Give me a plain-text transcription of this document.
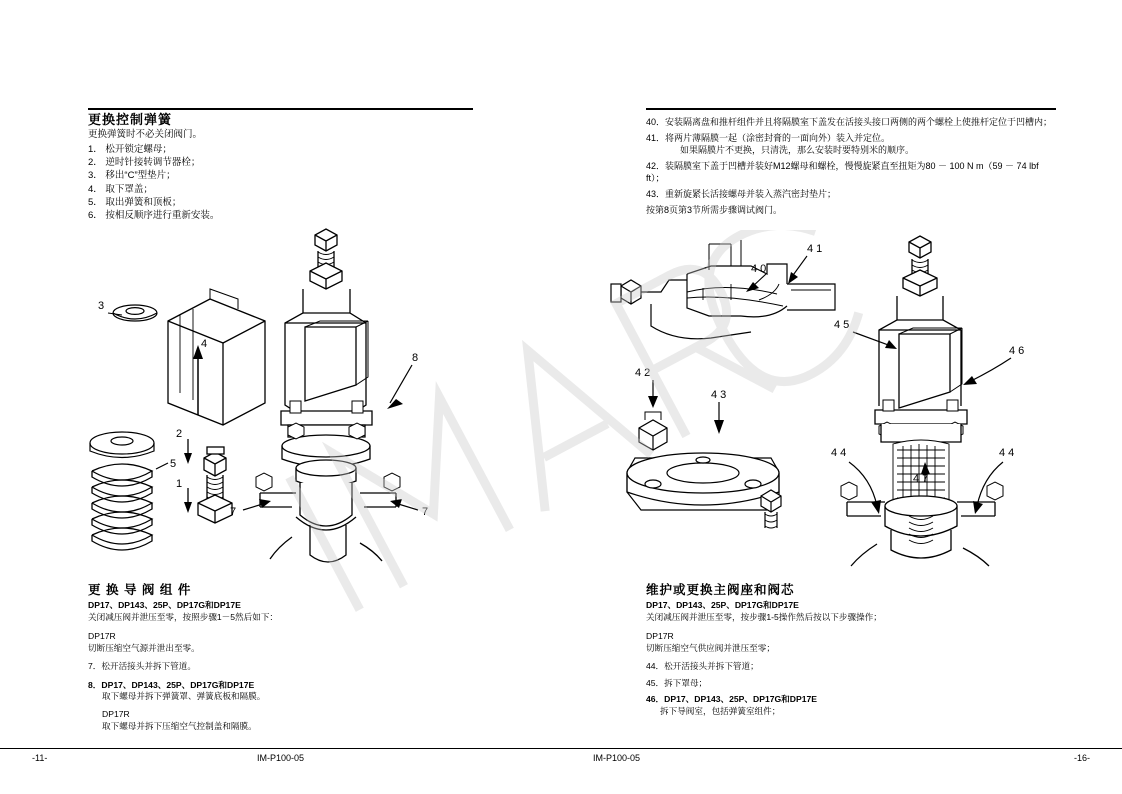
更换控制弹簧
更换弹簧时不必关闭阀门。
1． 松开锁定螺母；
2． 逆时针接转调节器栓；
3． 移出“C”型垫片；
4． 取下罩盖；
5． 取出弹簧和顶板；
6． 按相反顺序进行重新安装。
2
1
3
4
7	7
8
5
更 换 导 阀 组 件
DP17、DP143、25P、DP17G和DP17E

关闭减压阀并泄压至零，按照步骤1－5然后如下：

DP17R

切断压缩空气源并泄出至零。

7．松开活接头并拆下管道。

8．DP17、DP143、25P、DP17G和DP17E

取下螺母并拆下弹簧罩、弹簧底板和隔膜。

DP17R

取下螺母并拆下压缩空气控制盖和隔膜。

-11-	IM-P100-05
40．安装隔离盘和推杆组件并且将隔膜室下盖发在活接头接口两侧的两个螺栓上使推杆定位于凹槽内；
41．将两片薄隔膜一起（涂密封膏的一面向外）装入并定位。
如果隔膜片不更换，只清洗，那么安装时要特别米的顺序。
42．装隔膜室下盖于凹槽并装好M12螺母和螺栓，慢慢旋紧直至扭矩为80 － 100 N m（59 － 74 lbf ft）；
43．重新旋紧长活接螺母并装入蒸汽密封垫片；

按第8页第3节所需步骤调试阀门。

4 1
4 0
4 2
4 3
4 4	4 4
4 5
4 6
4 7
维护或更换主阀座和阀芯
DP17、DP143、25P、DP17G和DP17E

关闭减压阀并泄压至零，按步骤1-5操作然后按以下步骤操作；

DP17R

切断压缩空气供应阀并泄压至零；

44．松开活接头并拆下管道；

45．拆下罩母；

46．DP17、DP143、25P、DP17G和DP17E

拆下导阀室，包括弹簧室组件；

IM-P100-05	-16-
